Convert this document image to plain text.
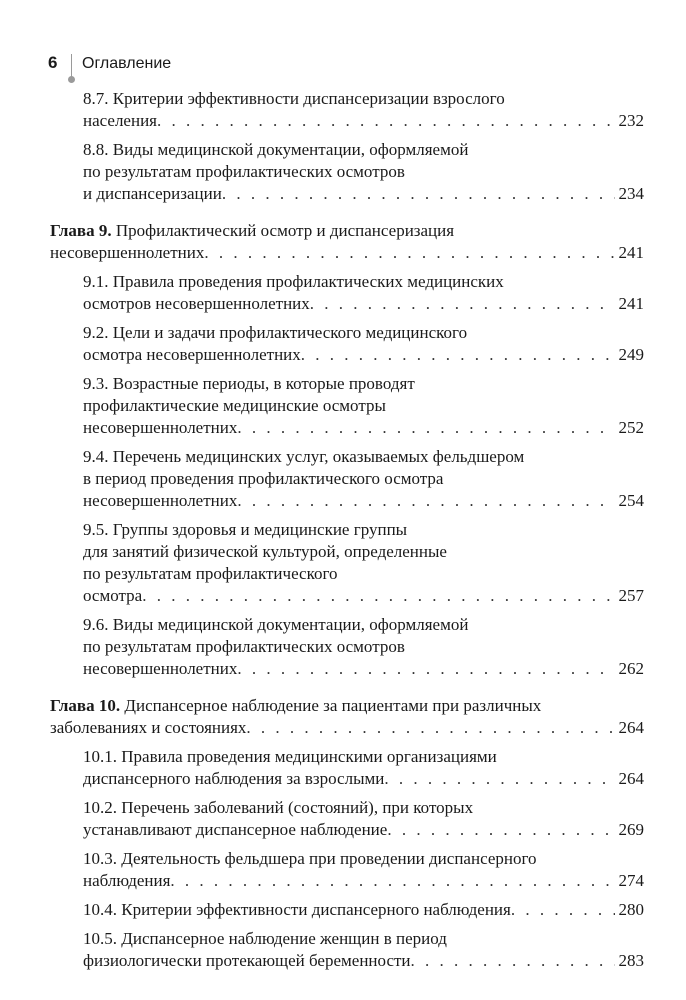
6 Оглавление
8.7. Критерии эффективности диспансеризации взрослого
населения . . .	232
8.8. Виды медицинской документации, оформляемой
по результатам профилактических осмотров
и диспансеризации . . .	234
Глава 9. Профилактический осмотр и диспансеризация
несовершеннолетних . . .	241
9.1. Правила проведения профилактических медицинских
осмотров несовершеннолетних . . .	241
9.2. Цели и задачи профилактического медицинского
осмотра несовершеннолетних . . .	249
9.3. Возрастные периоды, в которые проводят
профилактические медицинские осмотры
несовершеннолетних . . .	252
9.4. Перечень медицинских услуг, оказываемых фельдшером
в период проведения профилактического осмотра
несовершеннолетних . . .	254
9.5. Группы здоровья и медицинские группы
для занятий физической культурой, определенные
по результатам профилактического
осмотра . . .	257
9.6. Виды медицинской документации, оформляемой
по результатам профилактических осмотров
несовершеннолетних . . .	262
Глава 10. Диспансерное наблюдение за пациентами при различных
заболеваниях и состояниях . . .	264
10.1. Правила проведения медицинскими организациями
диспансерного наблюдения за взрослыми . . .	264
10.2. Перечень заболеваний (состояний), при которых
устанавливают диспансерное наблюдение . . .	269
10.3. Деятельность фельдшера при проведении диспансерного
наблюдения . . .	274
10.4. Критерии эффективности диспансерного наблюдения . . .	280
10.5. Диспансерное наблюдение женщин в период
физиологически протекающей беременности . . .	283
